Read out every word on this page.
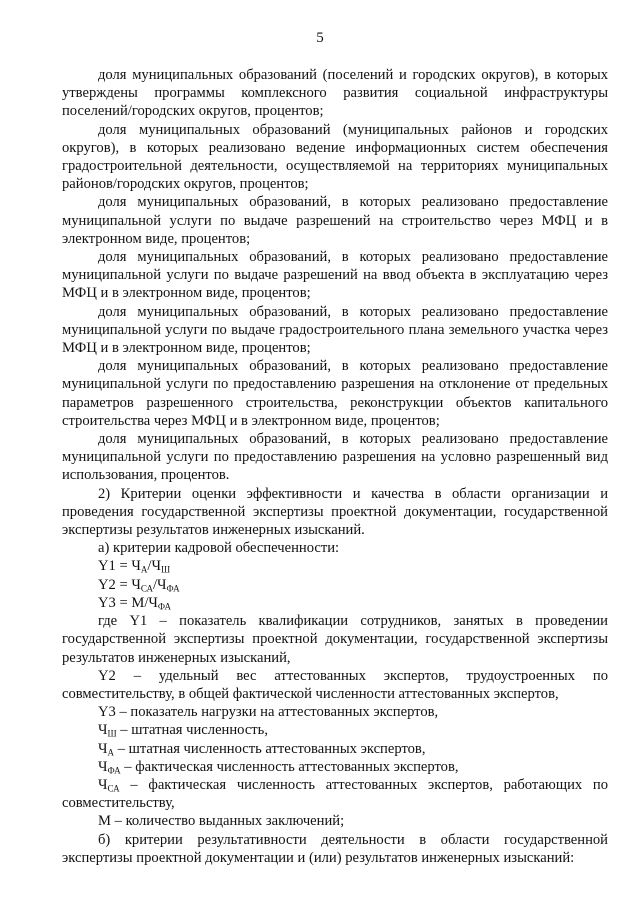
5

доля муниципальных образований (поселений и городских округов), в которых утверждены программы комплексного развития социальной инфраструктуры поселений/городских округов, процентов;

доля муниципальных образований (муниципальных районов и городских округов), в которых реализовано ведение информационных систем обеспечения градостроительной деятельности, осуществляемой на территориях муниципальных районов/городских округов, процентов;

доля муниципальных образований, в которых реализовано предоставление муниципальной услуги по выдаче разрешений на строительство через МФЦ и в электронном виде, процентов;

доля муниципальных образований, в которых реализовано предоставление муниципальной услуги по выдаче разрешений на ввод объекта в эксплуатацию через МФЦ и в электронном виде, процентов;

доля муниципальных образований, в которых реализовано предоставление муниципальной услуги по выдаче градостроительного плана земельного участка через МФЦ и в электронном виде, процентов;

доля муниципальных образований, в которых реализовано предоставление муниципальной услуги по предоставлению разрешения на отклонение от предельных параметров разрешенного строительства, реконструкции объектов капитального строительства через МФЦ и в электронном виде, процентов;

доля муниципальных образований, в которых реализовано предоставление муниципальной услуги по предоставлению разрешения на условно разрешенный вид использования, процентов.

2) Критерии оценки эффективности и качества в области организации и проведения государственной экспертизы проектной документации, государственной экспертизы результатов инженерных изысканий.

а) критерии кадровой обеспеченности:

$Y1 = Ч_А/Ч_Ш$

$Y2 = Ч_{СА}/Ч_{ФА}$

$Y3 = М/Ч_{ФА}$

где Y1 – показатель квалификации сотрудников, занятых в проведении государственной экспертизы проектной документации, государственной экспертизы результатов инженерных изысканий,

Y2 – удельный вес аттестованных экспертов, трудоустроенных по совместительству, в общей фактической численности аттестованных экспертов,

Y3 – показатель нагрузки на аттестованных экспертов,

$Ч_Ш$ – штатная численность,

$Ч_А$ – штатная численность аттестованных экспертов,

$Ч_{ФА}$ – фактическая численность аттестованных экспертов,

$Ч_{СА}$ – фактическая численность аттестованных экспертов, работающих по совместительству,

М – количество выданных заключений;

б) критерии результативности деятельности в области государственной экспертизы проектной документации и (или) результатов инженерных изысканий:
